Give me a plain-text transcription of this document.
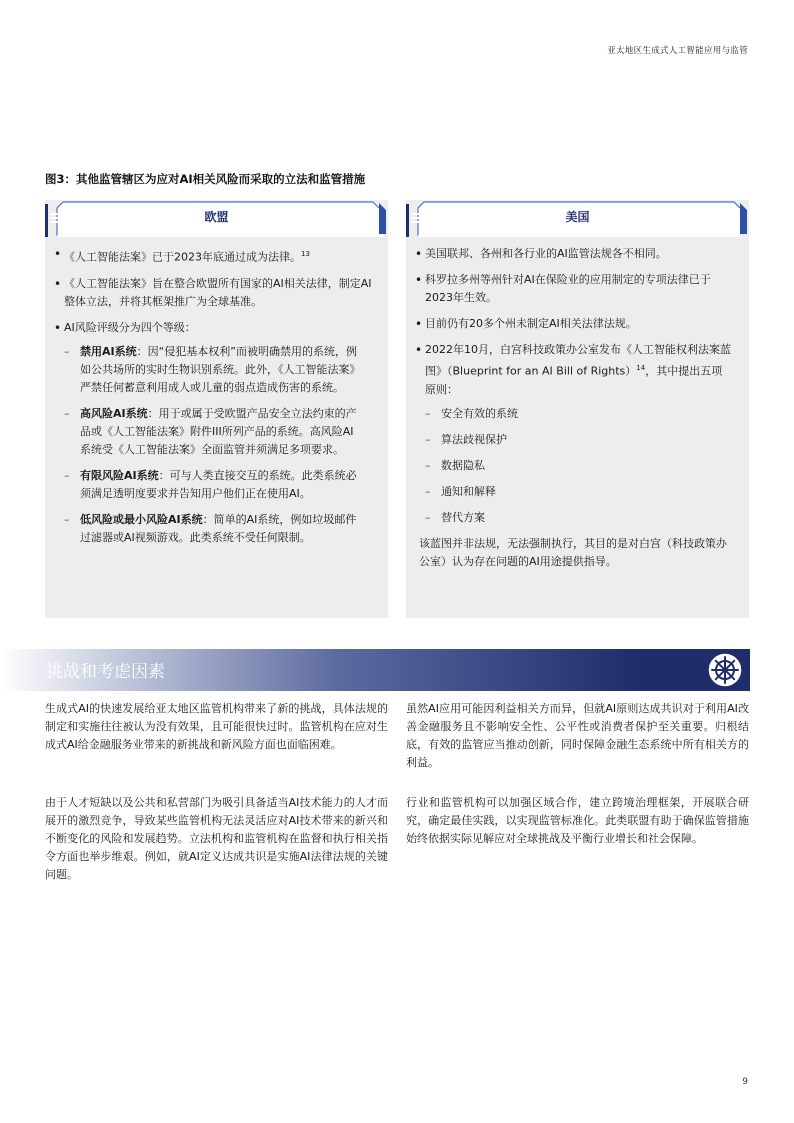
亚太地区生成式人工智能应用与监管
图3：其他监管辖区为应对AI相关风险而采取的立法和监管措施
欧盟
• 《人工智能法案》已于2023年底通过成为法律。$^{13}$
• 《人工智能法案》旨在整合欧盟所有国家的AI相关法律，制定AI整体立法，并将其框架推广为全球基准。
• AI风险评级分为四个等级：
– 禁用AI系统：因“侵犯基本权利”而被明确禁用的系统，例如公共场所的实时生物识别系统。此外，《人工智能法案》严禁任何蓄意利用成人或儿童的弱点造成伤害的系统。
– 高风险AI系统：用于或属于受欧盟产品安全立法约束的产品或《人工智能法案》附件III所列产品的系统。高风险AI系统受《人工智能法案》全面监管并须满足多项要求。
– 有限风险AI系统：可与人类直接交互的系统。此类系统必须满足透明度要求并告知用户他们正在使用AI。
– 低风险或最小风险AI系统：简单的AI系统，例如垃圾邮件过滤器或AI视频游戏。此类系统不受任何限制。
美国
• 美国联邦、各州和各行业的AI监管法规各不相同。
• 科罗拉多州等州针对AI在保险业的应用制定的专项法律已于2023年生效。
• 目前仍有20多个州未制定AI相关法律法规。
• 2022年10月，白宫科技政策办公室发布《人工智能权利法案蓝图》（Blueprint for an AI Bill of Rights）$^{14}$，其中提出五项原则：
– 安全有效的系统
– 算法歧视保护
– 数据隐私
– 通知和解释
– 替代方案
该蓝图并非法规，无法强制执行，其目的是对白宫（科技政策办公室）认为存在问题的AI用途提供指导。
挑战和考虑因素
生成式AI的快速发展给亚太地区监管机构带来了新的挑战，具体法规的制定和实施往往被认为没有效果，且可能很快过时。监管机构在应对生成式AI给金融服务业带来的新挑战和新风险方面也面临困难。
由于人才短缺以及公共和私营部门为吸引具备适当AI技术能力的人才而展开的激烈竞争，导致某些监管机构无法灵活应对AI技术带来的新兴和不断变化的风险和发展趋势。立法机构和监管机构在监督和执行相关指令方面也举步维艰。例如，就AI定义达成共识是实施AI法律法规的关键问题。
虽然AI应用可能因利益相关方而异，但就AI原则达成共识对于利用AI改善金融服务且不影响安全性、公平性或消费者保护至关重要。归根结底，有效的监管应当推动创新，同时保障金融生态系统中所有相关方的利益。
行业和监管机构可以加强区域合作，建立跨境治理框架，开展联合研究，确定最佳实践，以实现监管标准化。此类联盟有助于确保监管措施始终依据实际见解应对全球挑战及平衡行业增长和社会保障。
9
